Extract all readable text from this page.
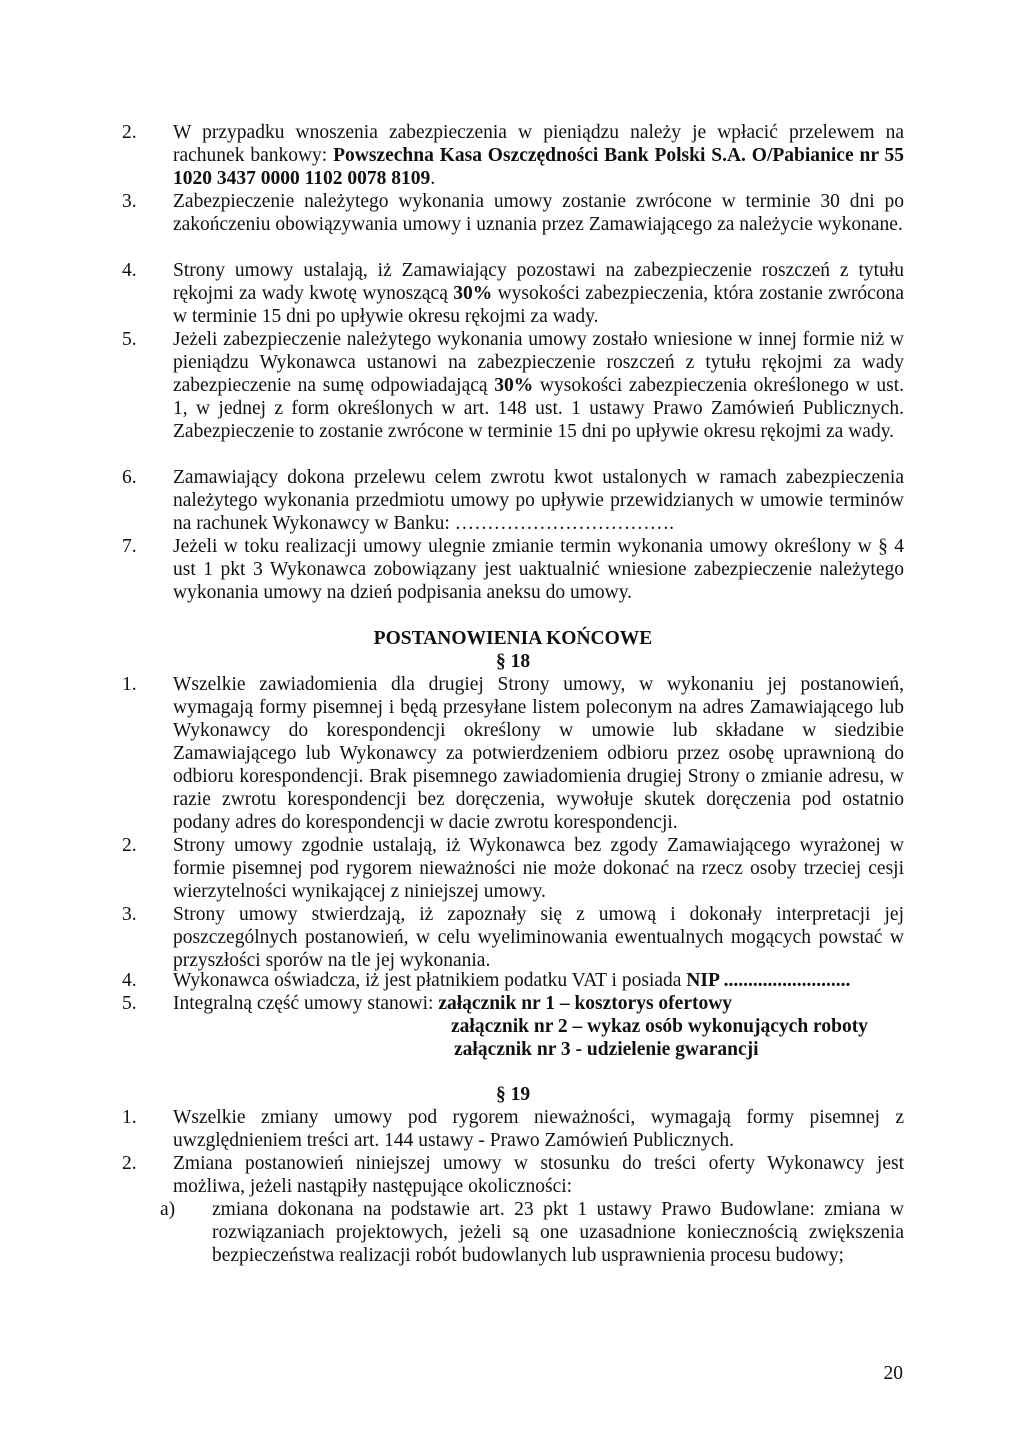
2. W przypadku wnoszenia zabezpieczenia w pieniądzu należy je wpłacić przelewem na rachunek bankowy: Powszechna Kasa Oszczędności Bank Polski S.A. O/Pabianice nr 55 1020 3437 0000 1102 0078 8109.
3. Zabezpieczenie należytego wykonania umowy zostanie zwrócone w terminie 30 dni po zakończeniu obowiązywania umowy i uznania przez Zamawiającego za należycie wykonane.
4. Strony umowy ustalają, iż Zamawiający pozostawi na zabezpieczenie roszczeń z tytułu rękojmi za wady kwotę wynoszącą 30% wysokości zabezpieczenia, która zostanie zwrócona w terminie 15 dni po upływie okresu rękojmi za wady.
5. Jeżeli zabezpieczenie należytego wykonania umowy zostało wniesione w innej formie niż w pieniądzu Wykonawca ustanowi na zabezpieczenie roszczeń z tytułu rękojmi za wady zabezpieczenie na sumę odpowiadającą 30% wysokości zabezpieczenia określonego w ust. 1, w jednej z form określonych w art. 148 ust. 1 ustawy Prawo Zamówień Publicznych. Zabezpieczenie to zostanie zwrócone w terminie 15 dni po upływie okresu rękojmi za wady.
6. Zamawiający dokona przelewu celem zwrotu kwot ustalonych w ramach zabezpieczenia należytego wykonania przedmiotu umowy po upływie przewidzianych w umowie terminów na rachunek Wykonawcy w Banku: …………………………….
7. Jeżeli w toku realizacji umowy ulegnie zmianie termin wykonania umowy określony w § 4 ust 1 pkt 3 Wykonawca zobowiązany jest uaktualnić wniesione zabezpieczenie należytego wykonania umowy na dzień podpisania aneksu do umowy.
POSTANOWIENIA KOŃCOWE
§ 18
1. Wszelkie zawiadomienia dla drugiej Strony umowy, w wykonaniu jej postanowień, wymagają formy pisemnej i będą przesyłane listem poleconym na adres Zamawiającego lub Wykonawcy do korespondencji określony w umowie lub składane w siedzibie Zamawiającego lub Wykonawcy za potwierdzeniem odbioru przez osobę uprawnioną do odbioru korespondencji. Brak pisemnego zawiadomienia drugiej Strony o zmianie adresu, w razie zwrotu korespondencji bez doręczenia, wywołuje skutek doręczenia pod ostatnio podany adres do korespondencji w dacie zwrotu korespondencji.
2. Strony umowy zgodnie ustalają, iż Wykonawca bez zgody Zamawiającego wyrażonej w formie pisemnej pod rygorem nieważności nie może dokonać na rzecz osoby trzeciej cesji wierzytelności wynikającej z niniejszej umowy.
3. Strony umowy stwierdzają, iż zapoznały się z umową i dokonały interpretacji jej poszczególnych postanowień, w celu wyeliminowania ewentualnych mogących powstać w przyszłości sporów na tle jej wykonania.
4. Wykonawca oświadcza, iż jest płatnikiem podatku VAT i posiada NIP ..........................
5. Integralną część umowy stanowi: załącznik nr 1 – kosztorys ofertowy
załącznik nr 2 – wykaz osób wykonujących roboty
załącznik nr 3 - udzielenie gwarancji
§ 19
1. Wszelkie zmiany umowy pod rygorem nieważności, wymagają formy pisemnej z uwzględnieniem treści art. 144 ustawy - Prawo Zamówień Publicznych.
2. Zmiana postanowień niniejszej umowy w stosunku do treści oferty Wykonawcy jest możliwa, jeżeli nastąpiły następujące okoliczności:
a) zmiana dokonana na podstawie art. 23 pkt 1 ustawy Prawo Budowlane: zmiana w rozwiązaniach projektowych, jeżeli są one uzasadnione koniecznością zwiększenia bezpieczeństwa realizacji robót budowlanych lub usprawnienia procesu budowy;
20
